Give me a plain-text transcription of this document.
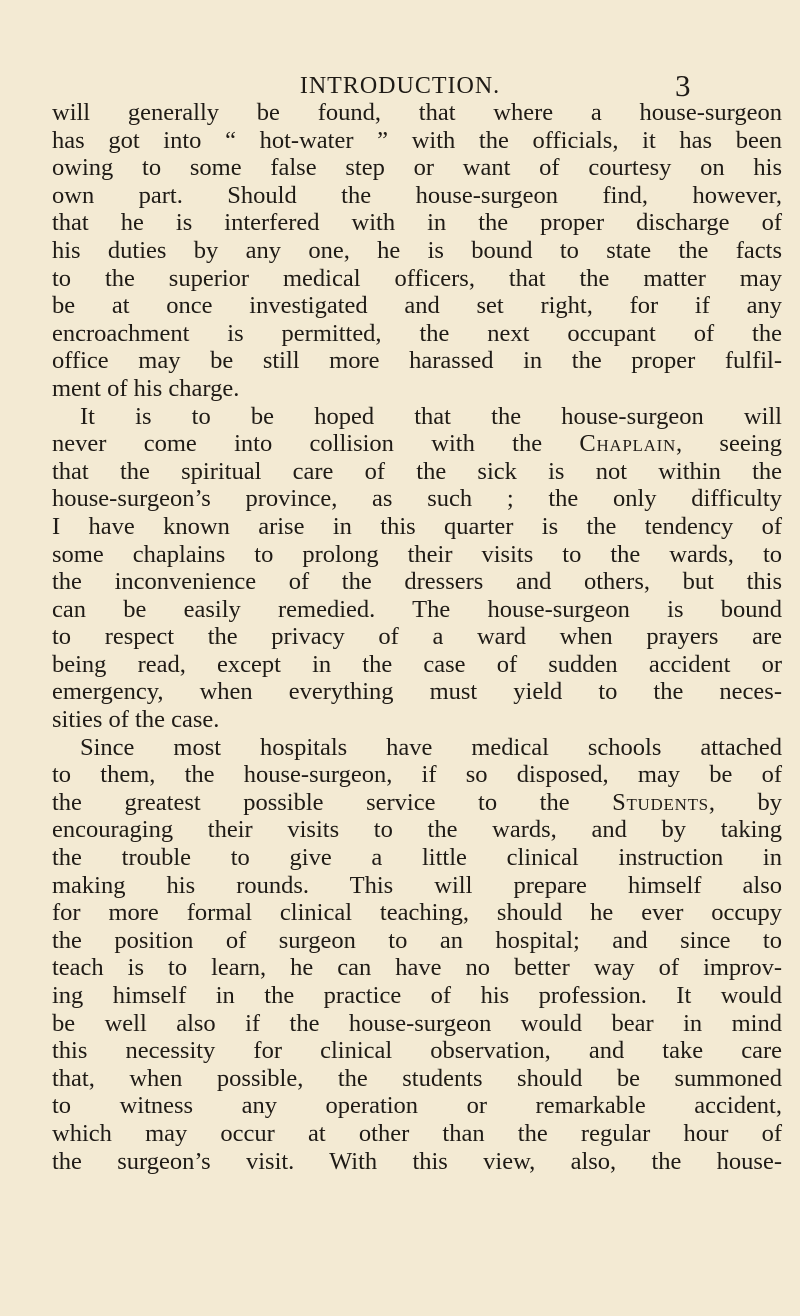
INTRODUCTION.	3
will generally be found, that where a house-surgeon
has got into “ hot-water ” with the officials, it has been
owing to some false step or want of courtesy on his
own part. Should the house-surgeon find, however,
that he is interfered with in the proper discharge of
his duties by any one, he is bound to state the facts
to the superior medical officers, that the matter may
be at once investigated and set right, for if any
encroachment is permitted, the next occupant of the
office may be still more harassed in the proper fulfil-
ment of his charge.
It is to be hoped that the house-surgeon will
never come into collision with the Chaplain, seeing
that the spiritual care of the sick is not within the
house-surgeon’s province, as such ; the only difficulty
I have known arise in this quarter is the tendency of
some chaplains to prolong their visits to the wards, to
the inconvenience of the dressers and others, but this
can be easily remedied. The house-surgeon is bound
to respect the privacy of a ward when prayers are
being read, except in the case of sudden accident or
emergency, when everything must yield to the neces-
sities of the case.
Since most hospitals have medical schools attached
to them, the house-surgeon, if so disposed, may be of
the greatest possible service to the Students, by
encouraging their visits to the wards, and by taking
the trouble to give a little clinical instruction in
making his rounds. This will prepare himself also
for more formal clinical teaching, should he ever occupy
the position of surgeon to an hospital; and since to
teach is to learn, he can have no better way of improv-
ing himself in the practice of his profession. It would
be well also if the house-surgeon would bear in mind
this necessity for clinical observation, and take care
that, when possible, the students should be summoned
to witness any operation or remarkable accident,
which may occur at other than the regular hour of
the surgeon’s visit. With this view, also, the house-
